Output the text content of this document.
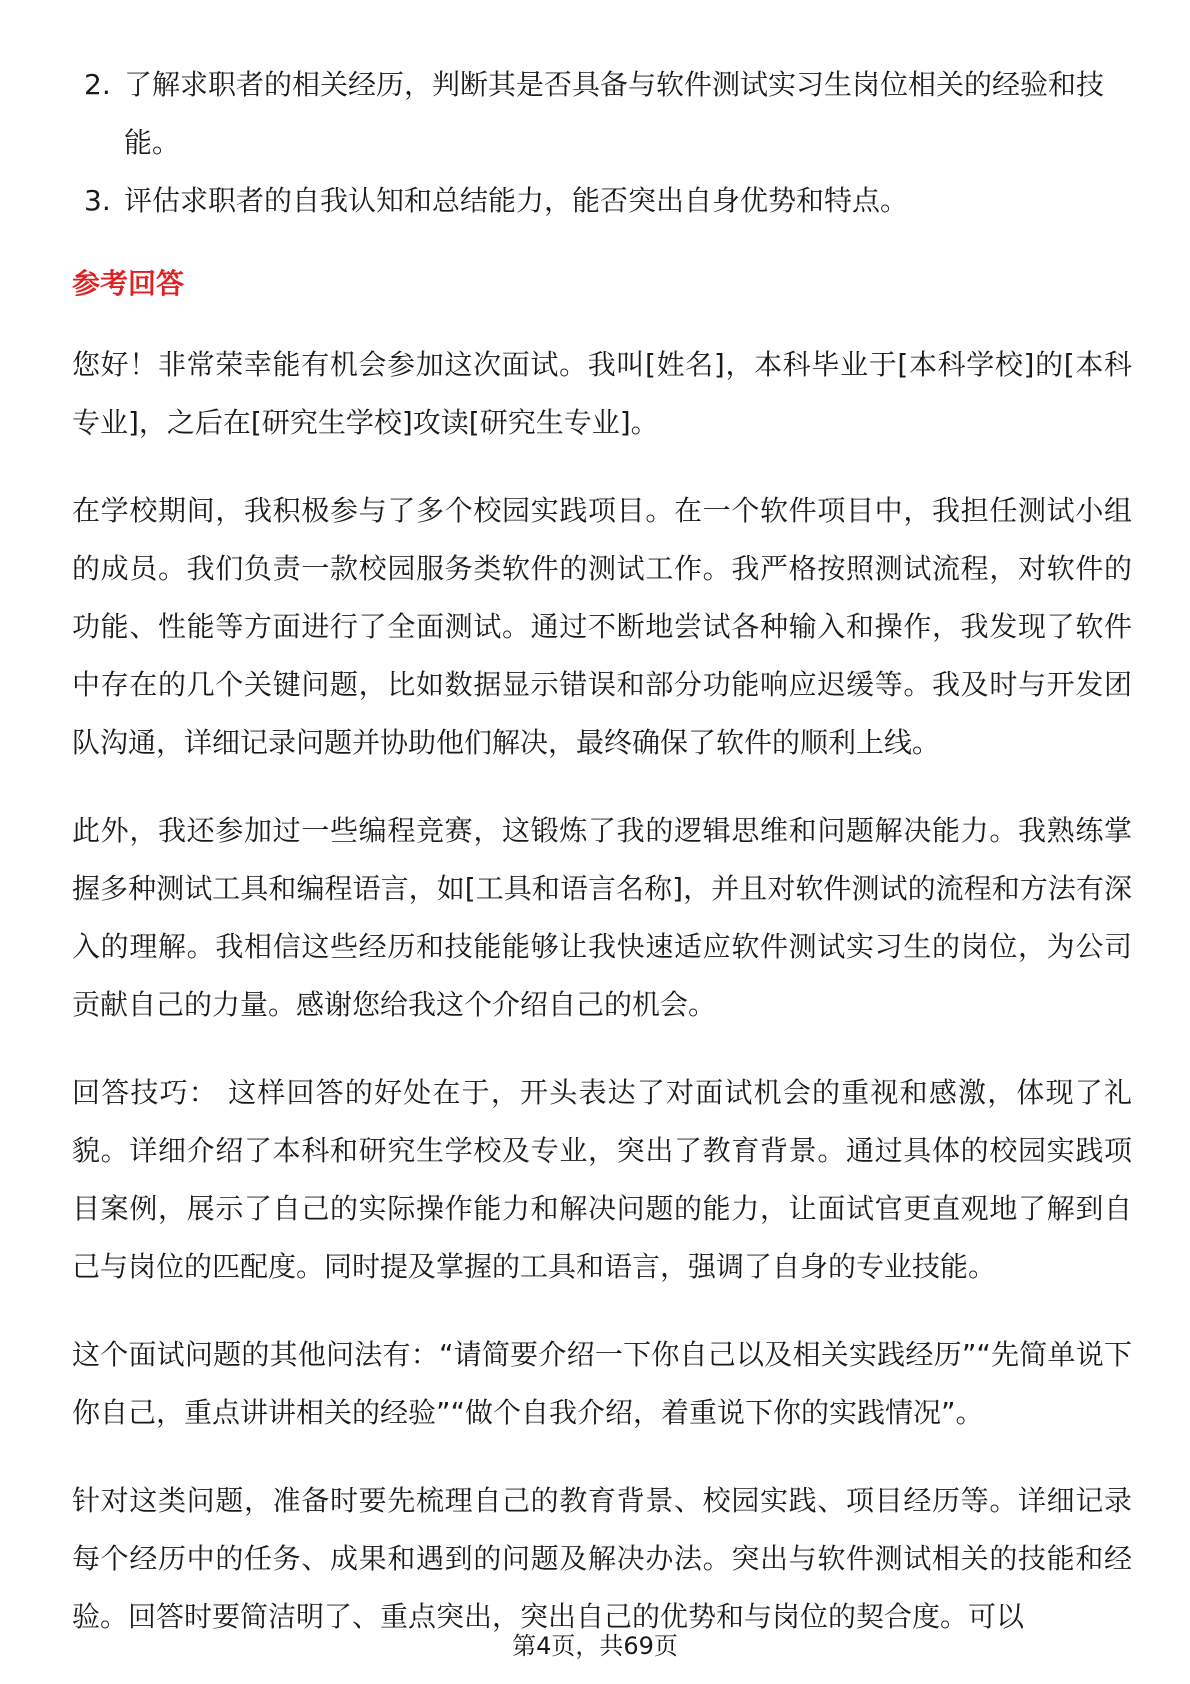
2. 了解求职者的相关经历，判断其是否具备与软件测试实习生岗位相关的经验和技能。
3. 评估求职者的自我认知和总结能力，能否突出自身优势和特点。
参考回答

您好！非常荣幸能有机会参加这次面试。我叫[姓名]，本科毕业于[本科学校]的[本科专业]，之后在[研究生学校]攻读[研究生专业]。

在学校期间，我积极参与了多个校园实践项目。在一个软件项目中，我担任测试小组的成员。我们负责一款校园服务类软件的测试工作。我严格按照测试流程，对软件的功能、性能等方面进行了全面测试。通过不断地尝试各种输入和操作，我发现了软件中存在的几个关键问题，比如数据显示错误和部分功能响应迟缓等。我及时与开发团队沟通，详细记录问题并协助他们解决，最终确保了软件的顺利上线。

此外，我还参加过一些编程竞赛，这锻炼了我的逻辑思维和问题解决能力。我熟练掌握多种测试工具和编程语言，如[工具和语言名称]，并且对软件测试的流程和方法有深入的理解。我相信这些经历和技能能够让我快速适应软件测试实习生的岗位，为公司贡献自己的力量。感谢您给我这个介绍自己的机会。

回答技巧： 这样回答的好处在于，开头表达了对面试机会的重视和感激，体现了礼貌。详细介绍了本科和研究生学校及专业，突出了教育背景。通过具体的校园实践项目案例，展示了自己的实际操作能力和解决问题的能力，让面试官更直观地了解到自己与岗位的匹配度。同时提及掌握的工具和语言，强调了自身的专业技能。

这个面试问题的其他问法有：“请简要介绍一下你自己以及相关实践经历”“先简单说下你自己，重点讲讲相关的经验”“做个自我介绍，着重说下你的实践情况”。

针对这类问题，准备时要先梳理自己的教育背景、校园实践、项目经历等。详细记录每个经历中的任务、成果和遇到的问题及解决办法。突出与软件测试相关的技能和经验。回答时要简洁明了、重点突出，突出自己的优势和与岗位的契合度。可以

第4页，共69页
